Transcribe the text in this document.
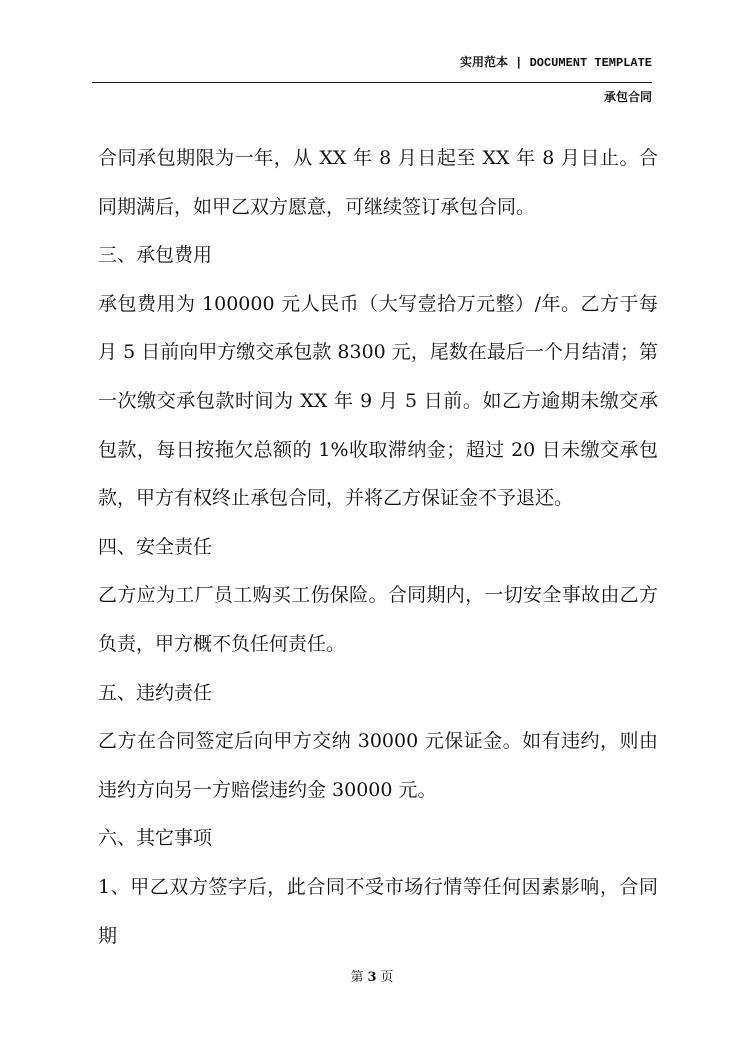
实用范本 | DOCUMENT TEMPLATE
承包合同

合同承包期限为一年，从 XX 年 8 月日起至 XX 年 8 月日止。合同期满后，如甲乙双方愿意，可继续签订承包合同。

三、承包费用

承包费用为 100000 元人民币（大写壹拾万元整）/年。乙方于每月 5 日前向甲方缴交承包款 8300 元，尾数在最后一个月结清；第一次缴交承包款时间为 XX 年 9 月 5 日前。如乙方逾期未缴交承包款，每日按拖欠总额的 1%收取滞纳金；超过 20 日未缴交承包款，甲方有权终止承包合同，并将乙方保证金不予退还。

四、安全责任

乙方应为工厂员工购买工伤保险。合同期内，一切安全事故由乙方负责，甲方概不负任何责任。

五、违约责任

乙方在合同签定后向甲方交纳 30000 元保证金。如有违约，则由违约方向另一方赔偿违约金 30000 元。

六、其它事项

1、甲乙双方签字后，此合同不受市场行情等任何因素影响，合同期

第 3 页
